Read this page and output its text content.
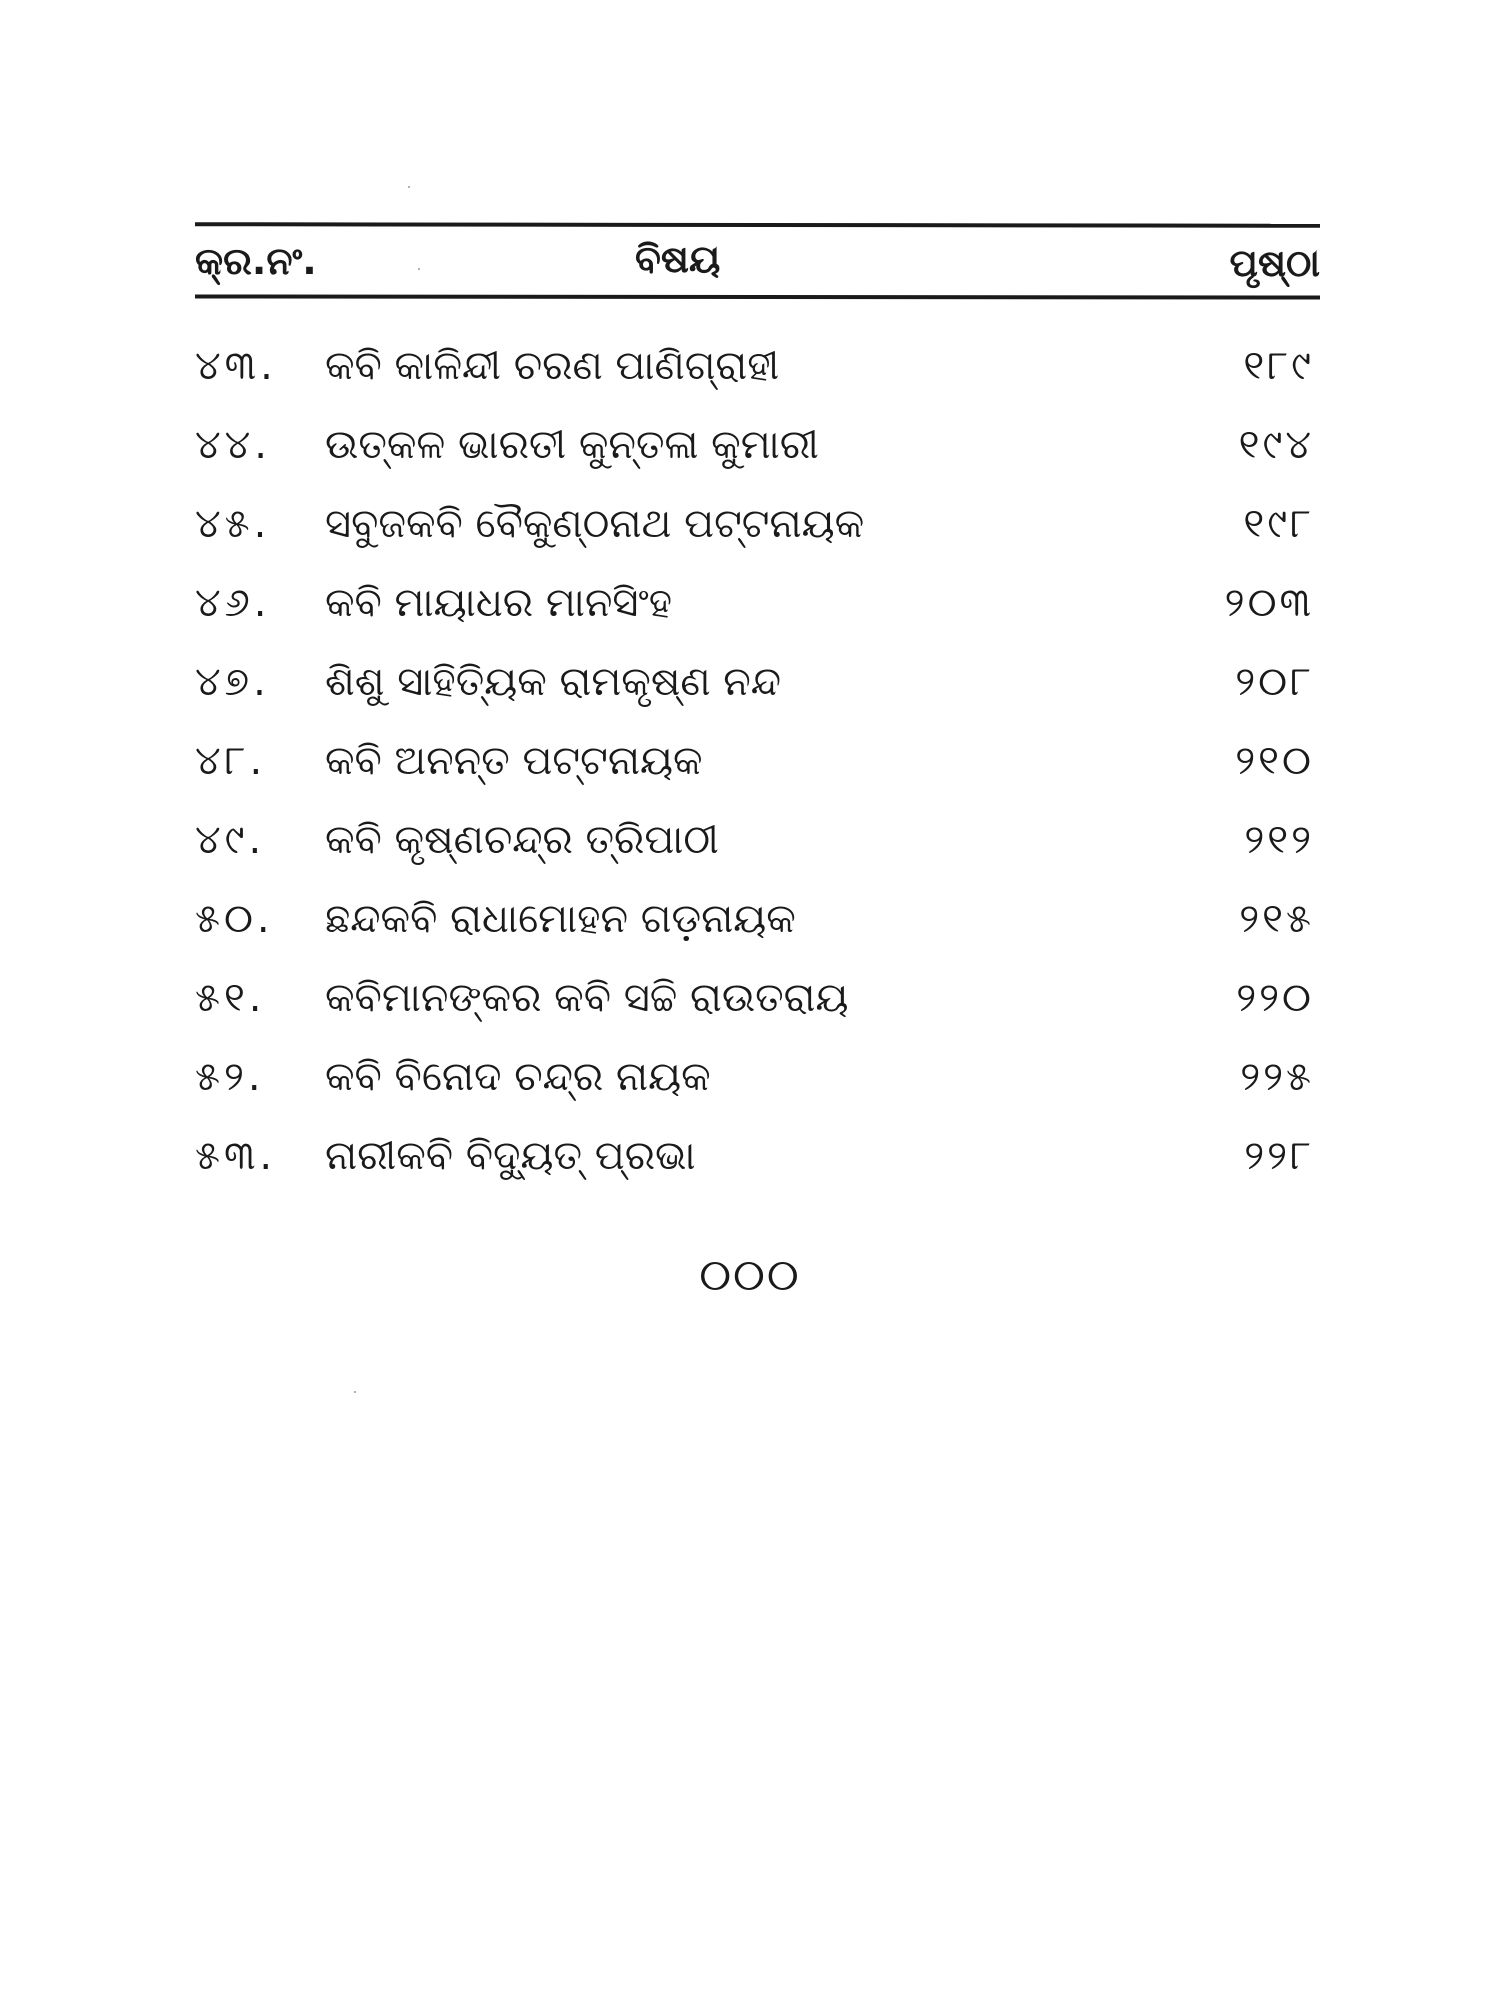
କ୍ର.ନଂ.	ବିଷୟ	ପୃଷ୍ଠା
୪୩. କବି କାଳିନ୍ଦୀ ଚରଣ ପାଣିଗ୍ରାହୀ	୧୮୯
୪୪. ଉତ୍କଳ ଭାରତୀ କୁନ୍ତଳା କୁମାରୀ	୧୯୪
୪୫. ସବୁଜକବି ବୈକୁଣ୍ଠନାଥ ପଟ୍ଟନାୟକ	୧୯୮
୪୬. କବି ମାୟାଧର ମାନସିଂହ	୨୦୩
୪୭. ଶିଶୁ ସାହିତ୍ୟିକ ରାମକୃଷ୍ଣ ନନ୍ଦ	୨୦୮
୪୮. କବି ଅନନ୍ତ ପଟ୍ଟନାୟକ	୨୧୦
୪୯. କବି କୃଷ୍ଣଚନ୍ଦ୍ର ତ୍ରିପାଠୀ	୨୧୨
୫୦. ଛନ୍ଦକବି ରାଧାମୋହନ ଗଡ଼ନାୟକ	୨୧୫
୫୧. କବିମାନଙ୍କର କବି ସଚ୍ଚି ରାଉତରାୟ	୨୨୦
୫୨. କବି ବିନୋଦ ଚନ୍ଦ୍ର ନାୟକ	୨୨୫
୫୩. ନାରୀକବି ବିଦ୍ୟୁତ୍ ପ୍ରଭା	୨୨୮
୦୦୦
